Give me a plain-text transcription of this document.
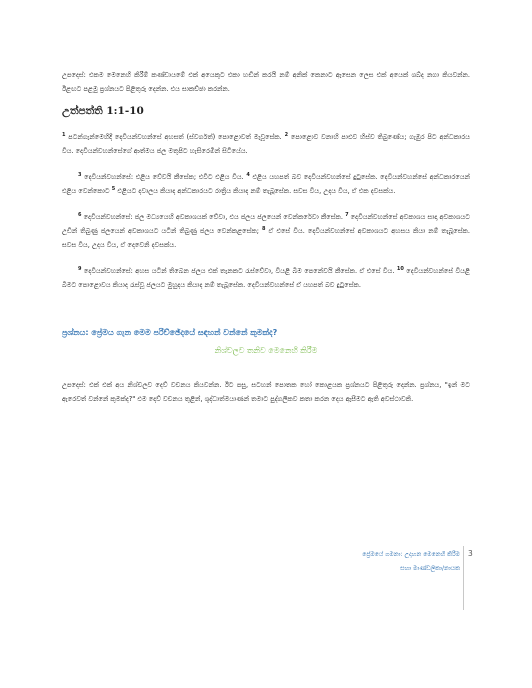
උපදෙස්: එකම මෙනෙහි කිරීම් කණ්ඩායමේ එක් අයෙකුට එකා හඬින් කරයි නම් අනික් කෙනාට ඇසෙන ලෙස එක් අයෙක් ශබ්ද නගා කියවන්න. ඊළඟට පළමු ප්‍රශ්නයට පිළිතුරු දෙන්න. එය සාකච්ඡා කරන්න.

උත්පත්ති 1:1-10

$^1$ පටන්ගැන්මෙහිදී දෙවියන්වහන්සේ අහසත් (ස්වර්ගත්) පොළොවත් මැවූසේක. $^2$ පොළොව වනාහි පාළුව හිස්ව තිබුණේය; ගැඹුර පිට අන්ධකාරය විය. දෙවියන්වහන්සේගේ ආත්මය ජල මතුපිට හැසිරෙමින් සිටියේය.

$^3$ දෙවියන්වහන්සේ: එළිය වේවයි කීසේක; එවිට එළිය විය. $^4$ එළිය යහපත් බව දෙවියන්වහන්සේ දුටුසේක. දෙවියන්වහන්සේ අන්ධකාරයෙන් එළිය වෙන්කොට $^5$ එළියට දවාලය කියාද අන්ධකාරයට රාත්‍රිය කියාද නම් තැබූසේක. සවස විය, උදය විය, ඒ එක දවසක්ය.

$^6$ දෙවියන්වහන්සේ: ජල මධ්‍යයෙහි අවකාශයක් වේවා, එය ජලය ජලයෙන් වෙන්කරේවා කීසේක. $^7$ දෙවියන්වහන්සේ අවකාශය සාදා අවකාශයට උඩින් තිබුණු ජලයෙන් අවකාශයට යටින් තිබුණු ජලය වෙන්කළසේක; $^8$ ඒ එසේ විය. දෙවියන්වහන්සේ අවකාශයට අහසය කියා නම් තැබූසේක. සවස විය, උදය විය, ඒ දෙවෙනි දවසක්ය.

$^9$ දෙවියන්වහන්සේ: අහස යටින් තිබෙන ජලය එක් තැනකට රැස්වේවා, වියළි බිම පෙනේවයි කීසේක. ඒ එසේ විය. $^{10}$ දෙවියන්වහන්සේ වියළි බිමට පොළොවය කියාද රැස්වූ ජලයට මුහුදය කියාද නම් තැබූසේක. දෙවියන්වහන්සේ ඒ යහපත් බව දුටුසේක.

ප්‍රශ්නය: ප්‍රේමය ගැන මෙම පරිච්ඡේදයේ සඳහන් වන්නේ කුමක්ද?
නිශ්චලව තනිව මෙනෙහි කිරීම

උපදෙස්: එක් එක් අය නිශ්චලව දෙව් වචනය කියවන්න. ඊට පසු, සටහන් පොතක හෝ කොළයක ප්‍රශ්නයට පිළිතුරු දෙන්න. ප්‍රශ්නය, "ඉන් මට ඇරෙවත් වන්නේ කුමක්ද?" එම දෙව් වචනය තුළින්, ශුද්ධාත්මයාණන් තමාට පුද්ගලිකව කතා කරන දෙය ඇසීමට ඇති අවස්ථාවකි.

ප්‍රේමයේ ගමනා: උදාහන මෙනෙහි කිරීම
සහා මාණ්ඩලිකා/නායක
3
